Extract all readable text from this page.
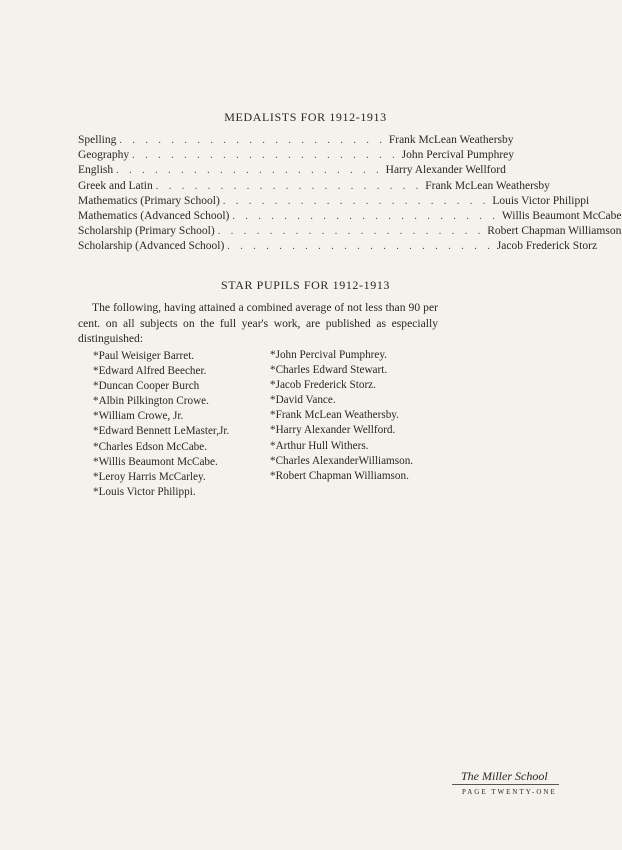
MEDALISTS FOR 1912-1913
Spelling . . . . . . . . . . . . . . . . . . . . . Frank McLean Weathersby
Geography . . . . . . . . . . . . . . . . . . . . . John Percival Pumphrey
English . . . . . . . . . . . . . . . . . . . . . Harry Alexander Wellford
Greek and Latin . . . . . . . . . . . . . . . . . . . . . Frank McLean Weathersby
Mathematics (Primary School) . . . . . . . . . . . . . . . . . . . . . Louis Victor Philippi
Mathematics (Advanced School) . . . . . . . . . . . . . . . . . . . . . Willis Beaumont McCabe
Scholarship (Primary School) . . . . . . . . . . . . . . . . . . . . . Robert Chapman Williamson
Scholarship (Advanced School) . . . . . . . . . . . . . . . . . . . . . Jacob Frederick Storz
STAR PUPILS FOR 1912-1913
The following, having attained a combined average of not less than 90 per cent. on all subjects on the full year's work, are published as especially distinguished:
*Paul Weisiger Barret.
*Edward Alfred Beecher.
*Duncan Cooper Burch
*Albin Pilkington Crowe.
*William Crowe, Jr.
*Edward Bennett LeMaster,Jr.
*Charles Edson McCabe.
*Willis Beaumont McCabe.
*Leroy Harris McCarley.
*Louis Victor Philippi.
*John Percival Pumphrey.
*Charles Edward Stewart.
*Jacob Frederick Storz.
*David Vance.
*Frank McLean Weathersby.
*Harry Alexander Wellford.
*Arthur Hull Withers.
*Charles AlexanderWilliamson.
*Robert Chapman Williamson.
The Miller School
PAGE TWENTY-ONE
